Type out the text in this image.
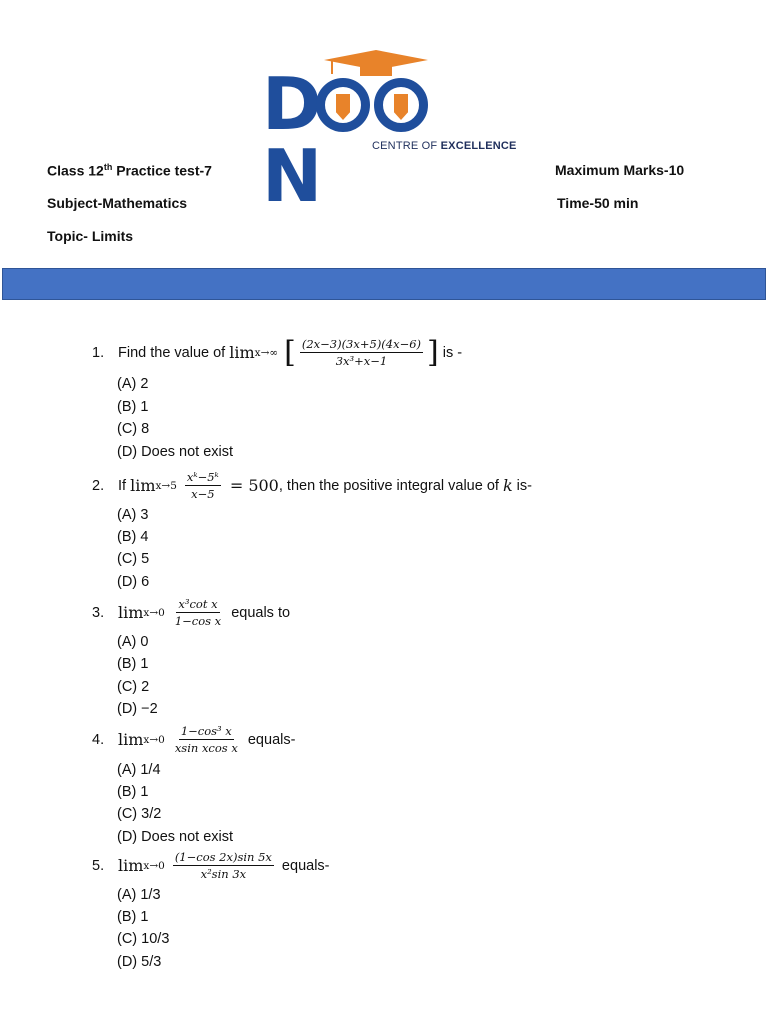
DN	CENTRE OF EXCELLENCE
Class 12th Practice test-7	Maximum Marks-10
Subject-Mathematics	Time-50 min
Topic- Limits
1. Find the value of lim x→∞ [ $\frac{(2x-3)(3x+5)(4x-6)}{\text{3x³+x−1}}$ ] is -
(A) 2
(B) 1
(C) 8
(D) Does not exist
2. If $\lim x\to 5 \frac{\text{xᵏ−5ᵏ}}{x-5} = 500$ , then the positive integral value of k is-
(A) 3
(B) 4
(C) 5
(D) 6
3. $\lim x\to 0 \frac{\text{x³cot x}}{\text{1−cos x}}$ equals to
(A) 0
(B) 1
(C) 2
(D) −2
4. $\lim x\to 0 \frac{\text{1−cos³ x}}{\text{xsin xcos x}}$ equals-
(A) 1/4
(B) 1
(C) 3/2
(D) Does not exist
5. $\lim x\to 0 \frac{(1-\cos 2x)\sin 5x}{\text{x²sin 3x}}$ equals-
(A) 1/3
(B) 1
(C) 10/3
(D) 5/3
